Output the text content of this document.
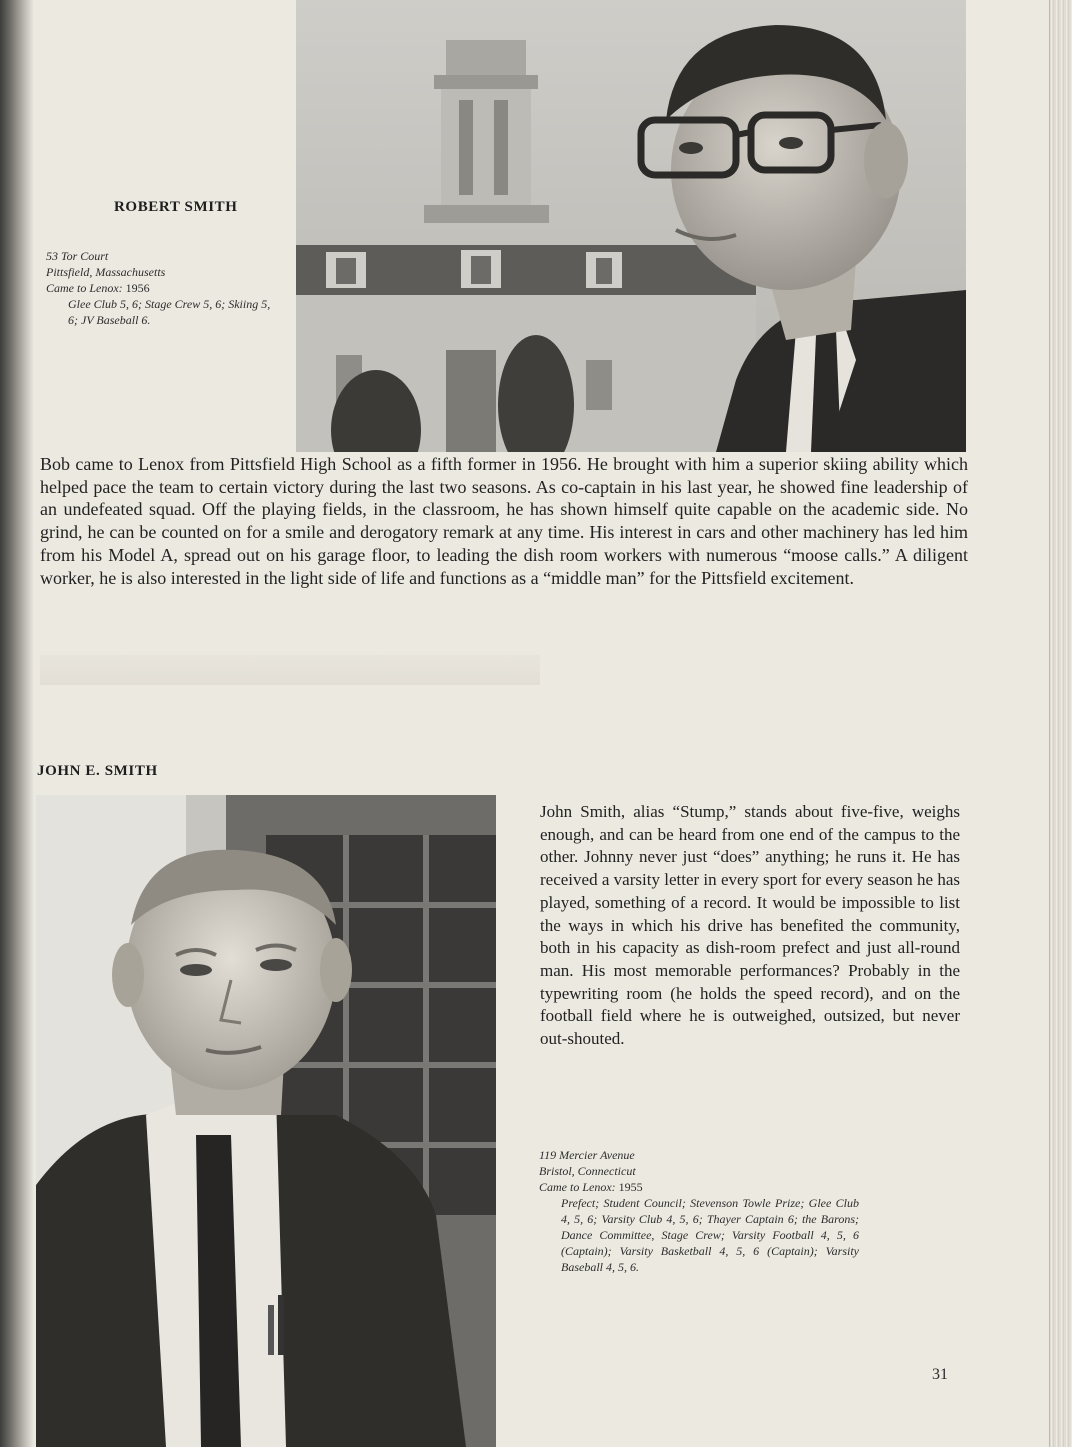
ROBERT SMITH
53 Tor Court
Pittsfield, Massachusetts
Came to Lenox: 1956
Glee Club 5, 6; Stage Crew 5, 6; Skiing 5, 6; JV Baseball 6.

Bob came to Lenox from Pittsfield High School as a fifth former in 1956. He brought with him a superior skiing ability which helped pace the team to certain victory during the last two seasons. As co-captain in his last year, he showed fine leadership of an undefeated squad. Off the playing fields, in the classroom, he has shown himself quite capable on the academic side. No grind, he can be counted on for a smile and derogatory remark at any time. His interest in cars and other machinery has led him from his Model A, spread out on his garage floor, to leading the dish room workers with numerous “moose calls.” A diligent worker, he is also interested in the light side of life and functions as a “middle man” for the Pittsfield excitement.

JOHN E. SMITH

John Smith, alias “Stump,” stands about five-five, weighs enough, and can be heard from one end of the campus to the other. Johnny never just “does” anything; he runs it. He has received a varsity letter in every sport for every season he has played, something of a record. It would be impossible to list the ways in which his drive has benefited the community, both in his capacity as dish-room prefect and just all-round man. His most memorable performances? Probably in the typewriting room (he holds the speed record), and on the football field where he is outweighed, outsized, but never out-shouted.

119 Mercier Avenue
Bristol, Connecticut
Came to Lenox: 1955
Prefect; Student Council; Stevenson Towle Prize; Glee Club 4, 5, 6; Varsity Club 4, 5, 6; Thayer Captain 6; the Barons; Dance Committee, Stage Crew; Varsity Football 4, 5, 6 (Captain); Varsity Basketball 4, 5, 6 (Captain); Varsity Baseball 4, 5, 6.
31
